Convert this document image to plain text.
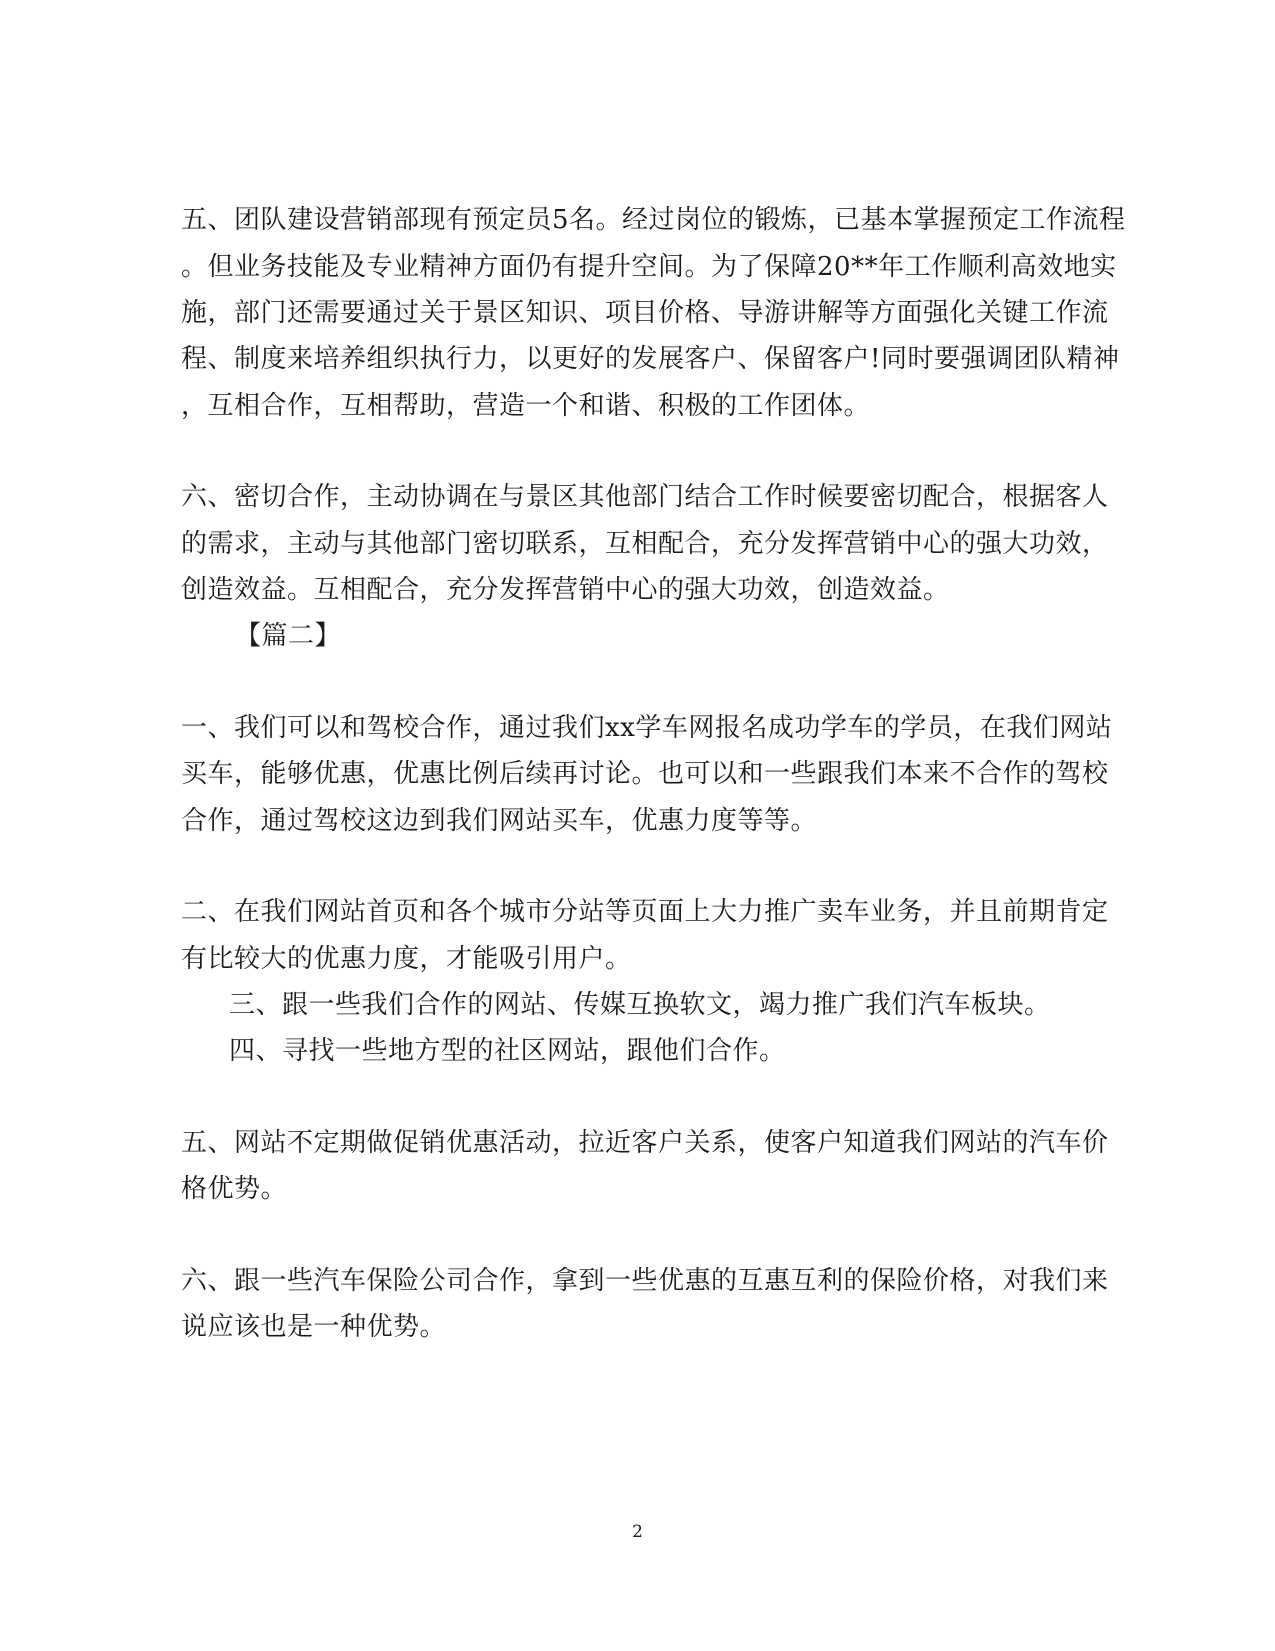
五、团队建设营销部现有预定员5名。经过岗位的锻炼，已基本掌握预定工作流程
。但业务技能及专业精神方面仍有提升空间。为了保障20**年工作顺利高效地实
施，部门还需要通过关于景区知识、项目价格、导游讲解等方面强化关键工作流
程、制度来培养组织执行力，以更好的发展客户、保留客户!同时要强调团队精神
，互相合作，互相帮助，营造一个和谐、积极的工作团体。
六、密切合作，主动协调在与景区其他部门结合工作时候要密切配合，根据客人
的需求，主动与其他部门密切联系，互相配合，充分发挥营销中心的强大功效，
创造效益。互相配合，充分发挥营销中心的强大功效，创造效益。
【篇二】
一、我们可以和驾校合作，通过我们xx学车网报名成功学车的学员，在我们网站
买车，能够优惠，优惠比例后续再讨论。也可以和一些跟我们本来不合作的驾校
合作，通过驾校这边到我们网站买车，优惠力度等等。
二、在我们网站首页和各个城市分站等页面上大力推广卖车业务，并且前期肯定
有比较大的优惠力度，才能吸引用户。
三、跟一些我们合作的网站、传媒互换软文，竭力推广我们汽车板块。
四、寻找一些地方型的社区网站，跟他们合作。
五、网站不定期做促销优惠活动，拉近客户关系，使客户知道我们网站的汽车价
格优势。
六、跟一些汽车保险公司合作，拿到一些优惠的互惠互利的保险价格，对我们来
说应该也是一种优势。
2
